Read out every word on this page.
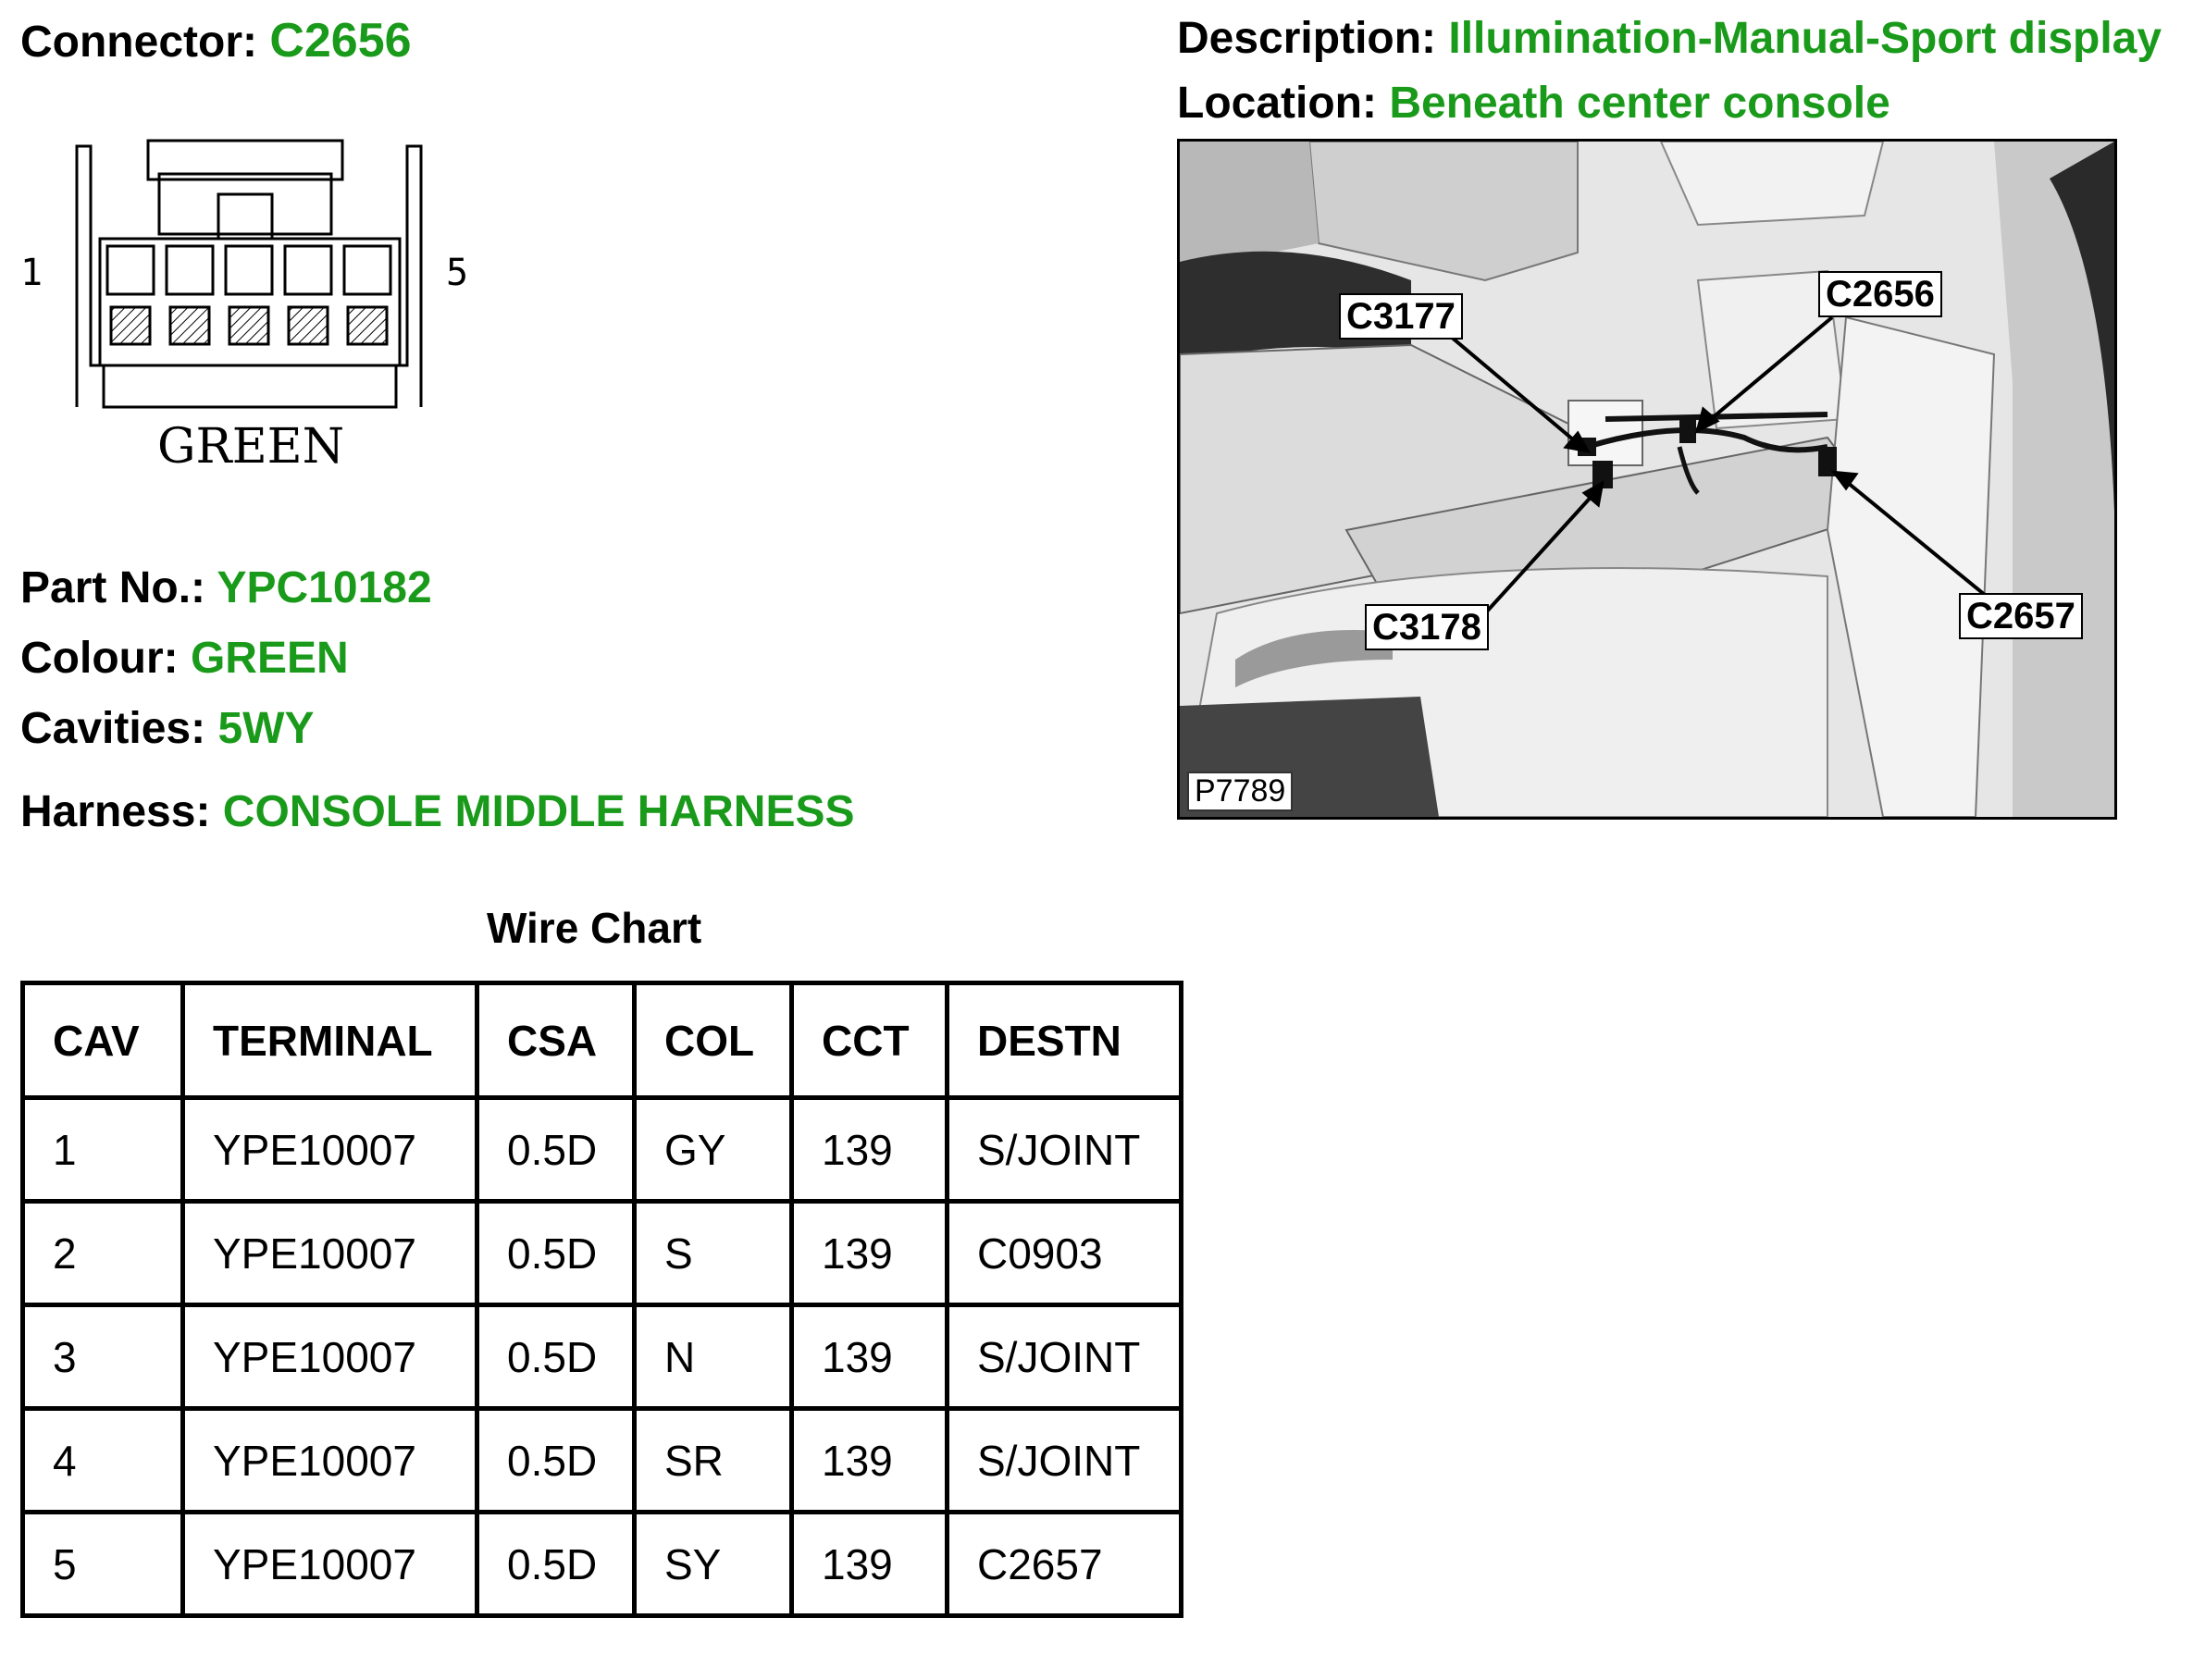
Connector: C2656	Description: Illumination-Manual-Sport display
Location: Beneath center console
1	5
GREEN
Part No.: YPC10182
Colour: GREEN
Cavities: 5WY
Harness: CONSOLE MIDDLE HARNESS
C3177
C2656
C3178	C2657
P7789
Wire Chart
CAV	TERMINAL	CSA	COL	CCT	DESTN
1	YPE10007	0.5D	GY	139	S/JOINT
2	YPE10007	0.5D	S	139	C0903
3	YPE10007	0.5D	N	139	S/JOINT
4	YPE10007	0.5D	SR	139	S/JOINT
5	YPE10007	0.5D	SY	139	C2657
